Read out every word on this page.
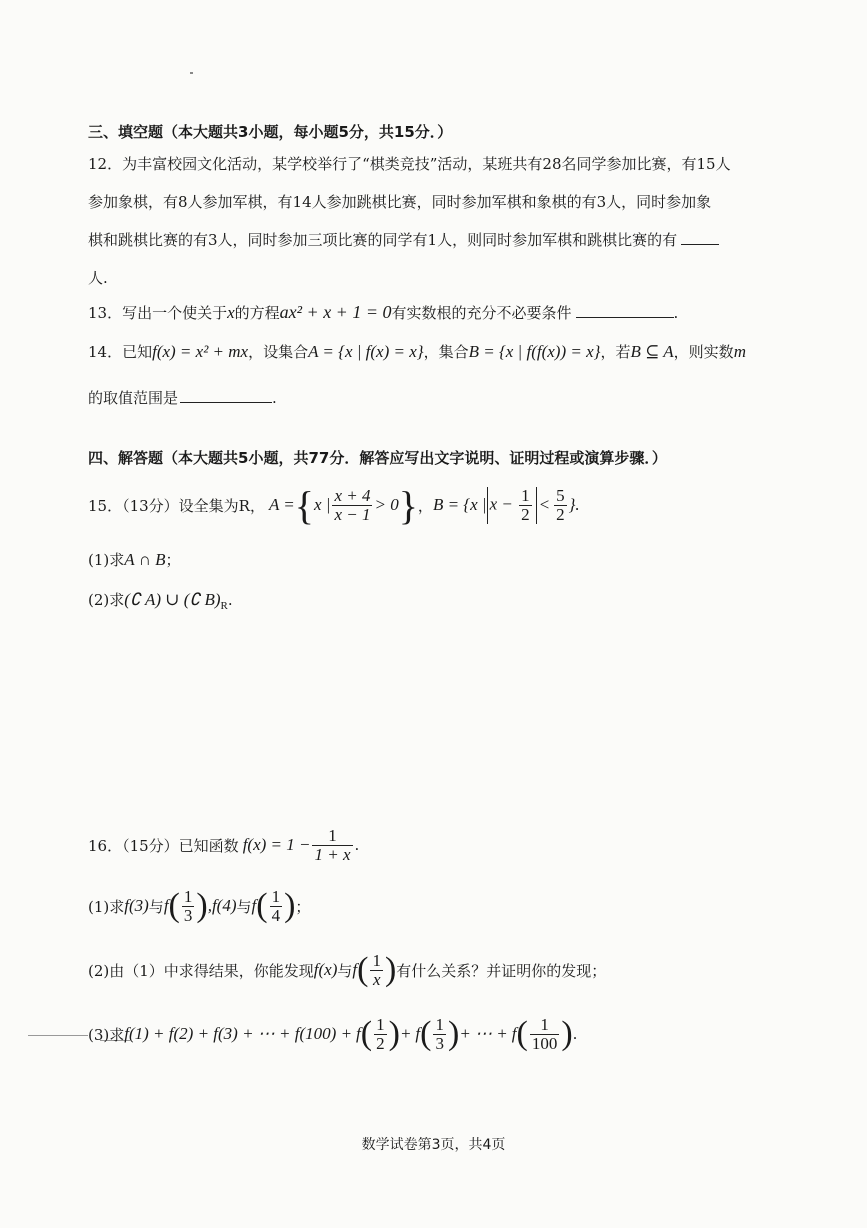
三、填空题（本大题共3小题，每小题5分，共15分．）
12．为丰富校园文化活动，某学校举行了“棋类竞技”活动，某班共有28名同学参加比赛，有15人
参加象棋，有8人参加军棋，有14人参加跳棋比赛，同时参加军棋和象棋的有3人，同时参加象
棋和跳棋比赛的有3人，同时参加三项比赛的同学有1人，则同时参加军棋和跳棋比赛的有
人.
13．写出一个使关于x的方程ax² + x + 1 = 0有实数根的充分不必要条件	.
14．已知f(x) = x² + mx，设集合A = {x | f(x) = x}，集合B = {x | f(f(x)) = x}，若B ⊆ A，则实数m
的取值范围是	.
四、解答题（本大题共5小题，共77分．解答应写出文字说明、证明过程或演算步骤．）
15．（13分）设全集为R， A = { x | $\frac{x + 4}{x - 1} > 0$ } ， B = {x | $x - \frac{1}{2} < \frac{5}{2}$ }.
(1)求A ∩ B；
(2)求(∁ A) ∪ (∁ $B)_R$.
16．（15分）已知函数 $f(x) = 1 - \frac{1}{1 + x}$ .
(1)求 f(3) 与 f ( $\frac{1}{3}$ ) , f(4) 与 f ( $\frac{1}{4}$ ) ；
(2)由（1）中求得结果，你能发现 f(x) 与 f ( $\frac{1}{x}$ ) 有什么关系？并证明你的发现；
(3)求 f(1) + f(2) + f(3) + ⋯ + f(100) + f ( $\frac{1}{2}$ ) + f ( $\frac{1}{3}$ ) + ⋯ + f ( $\frac{1}{100}$ ) .
数学试卷第3页，共4页
